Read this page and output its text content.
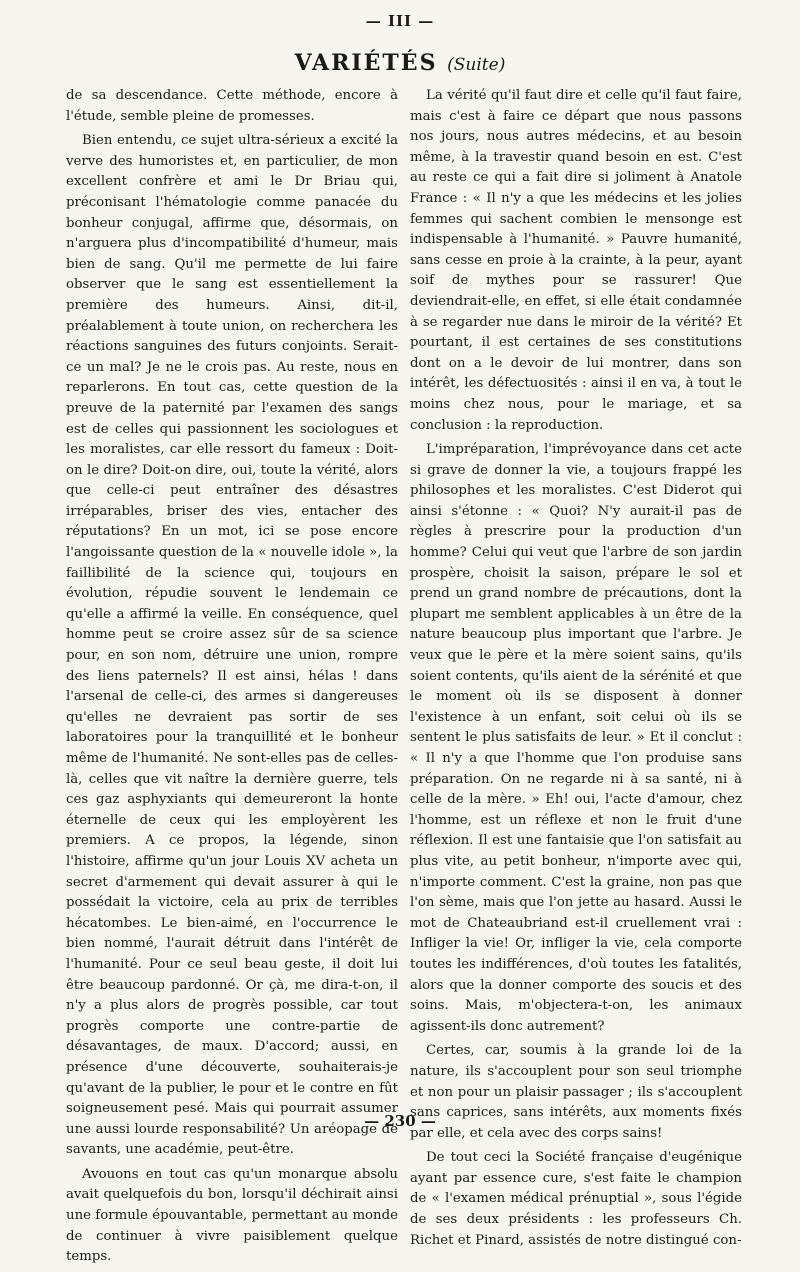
— III —
VARIÉTÉS (Suite)

de sa descendance. Cette méthode, encore à l'étude, semble pleine de promesses.

Bien entendu, ce sujet ultra-sérieux a excité la verve des humoristes et, en particulier, de mon excellent confrère et ami le Dr Briau qui, préconisant l'hématologie comme panacée du bonheur conjugal, affirme que, désormais, on n'arguera plus d'incompatibilité d'humeur, mais bien de sang. Qu'il me permette de lui faire observer que le sang est essentiellement la première des humeurs. Ainsi, dit-il, préalablement à toute union, on recherchera les réactions sanguines des futurs conjoints. Serait-ce un mal? Je ne le crois pas. Au reste, nous en reparlerons. En tout cas, cette question de la preuve de la paternité par l'examen des sangs est de celles qui passionnent les sociologues et les moralistes, car elle ressort du fameux : Doit-on le dire? Doit-on dire, oui, toute la vérité, alors que celle-ci peut entraîner des désastres irréparables, briser des vies, entacher des réputations? En un mot, ici se pose encore l'angoissante question de la « nouvelle idole », la faillibilité de la science qui, toujours en évolution, répudie souvent le lendemain ce qu'elle a affirmé la veille. En conséquence, quel homme peut se croire assez sûr de sa science pour, en son nom, détruire une union, rompre des liens paternels? Il est ainsi, hélas ! dans l'arsenal de celle-ci, des armes si dangereuses qu'elles ne devraient pas sortir de ses laboratoires pour la tranquillité et le bonheur même de l'humanité. Ne sont-elles pas de celles-là, celles que vit naître la dernière guerre, tels ces gaz asphyxiants qui demeureront la honte éternelle de ceux qui les employèrent les premiers. A ce propos, la légende, sinon l'histoire, affirme qu'un jour Louis XV acheta un secret d'armement qui devait assurer à qui le possédait la victoire, cela au prix de terribles hécatombes. Le bien-aimé, en l'occurrence le bien nommé, l'aurait détruit dans l'intérêt de l'humanité. Pour ce seul beau geste, il doit lui être beaucoup pardonné. Or çà, me dira-t-on, il n'y a plus alors de progrès possible, car tout progrès comporte une contre-partie de désavantages, de maux. D'accord; aussi, en présence d'une découverte, souhaiterais-je qu'avant de la publier, le pour et le contre en fût soigneusement pesé. Mais qui pourrait assumer une aussi lourde responsabilité? Un aréopage de savants, une académie, peut-être.

Avouons en tout cas qu'un monarque absolu avait quelquefois du bon, lorsqu'il déchirait ainsi une formule épouvantable, permettant au monde de continuer à vivre paisiblement quelque temps.

La vérité qu'il faut dire et celle qu'il faut faire, mais c'est à faire ce départ que nous passons nos jours, nous autres médecins, et au besoin même, à la travestir quand besoin en est. C'est au reste ce qui a fait dire si joliment à Anatole France : « Il n'y a que les médecins et les jolies femmes qui sachent combien le mensonge est indispensable à l'humanité. » Pauvre humanité, sans cesse en proie à la crainte, à la peur, ayant soif de mythes pour se rassurer! Que deviendrait-elle, en effet, si elle était condamnée à se regarder nue dans le miroir de la vérité? Et pourtant, il est certaines de ses constitutions dont on a le devoir de lui montrer, dans son intérêt, les défectuosités : ainsi il en va, à tout le moins chez nous, pour le mariage, et sa conclusion : la reproduction.

L'impréparation, l'imprévoyance dans cet acte si grave de donner la vie, a toujours frappé les philosophes et les moralistes. C'est Diderot qui ainsi s'étonne : « Quoi? N'y aurait-il pas de règles à prescrire pour la production d'un homme? Celui qui veut que l'arbre de son jardin prospère, choisit la saison, prépare le sol et prend un grand nombre de précautions, dont la plupart me semblent applicables à un être de la nature beaucoup plus important que l'arbre. Je veux que le père et la mère soient sains, qu'ils soient contents, qu'ils aient de la sérénité et que le moment où ils se disposent à donner l'existence à un enfant, soit celui où ils se sentent le plus satisfaits de leur. » Et il conclut : « Il n'y a que l'homme que l'on produise sans préparation. On ne regarde ni à sa santé, ni à celle de la mère. » Eh! oui, l'acte d'amour, chez l'homme, est un réflexe et non le fruit d'une réflexion. Il est une fantaisie que l'on satisfait au plus vite, au petit bonheur, n'importe avec qui, n'importe comment. C'est la graine, non pas que l'on sème, mais que l'on jette au hasard. Aussi le mot de Chateaubriand est-il cruellement vrai : Infliger la vie! Or, infliger la vie, cela comporte toutes les indifférences, d'où toutes les fatalités, alors que la donner comporte des soucis et des soins. Mais, m'objectera-t-on, les animaux agissent-ils donc autrement?

Certes, car, soumis à la grande loi de la nature, ils s'accouplent pour son seul triomphe et non pour un plaisir passager ; ils s'accouplent sans caprices, sans intérêts, aux moments fixés par elle, et cela avec des corps sains!

De tout ceci la Société française d'eugénique ayant par essence cure, s'est faite le champion de « l'examen médical prénuptial », sous l'égide de ses deux présidents : les professeurs Ch. Richet et Pinard, assistés de notre distingué con-

— 230 —
